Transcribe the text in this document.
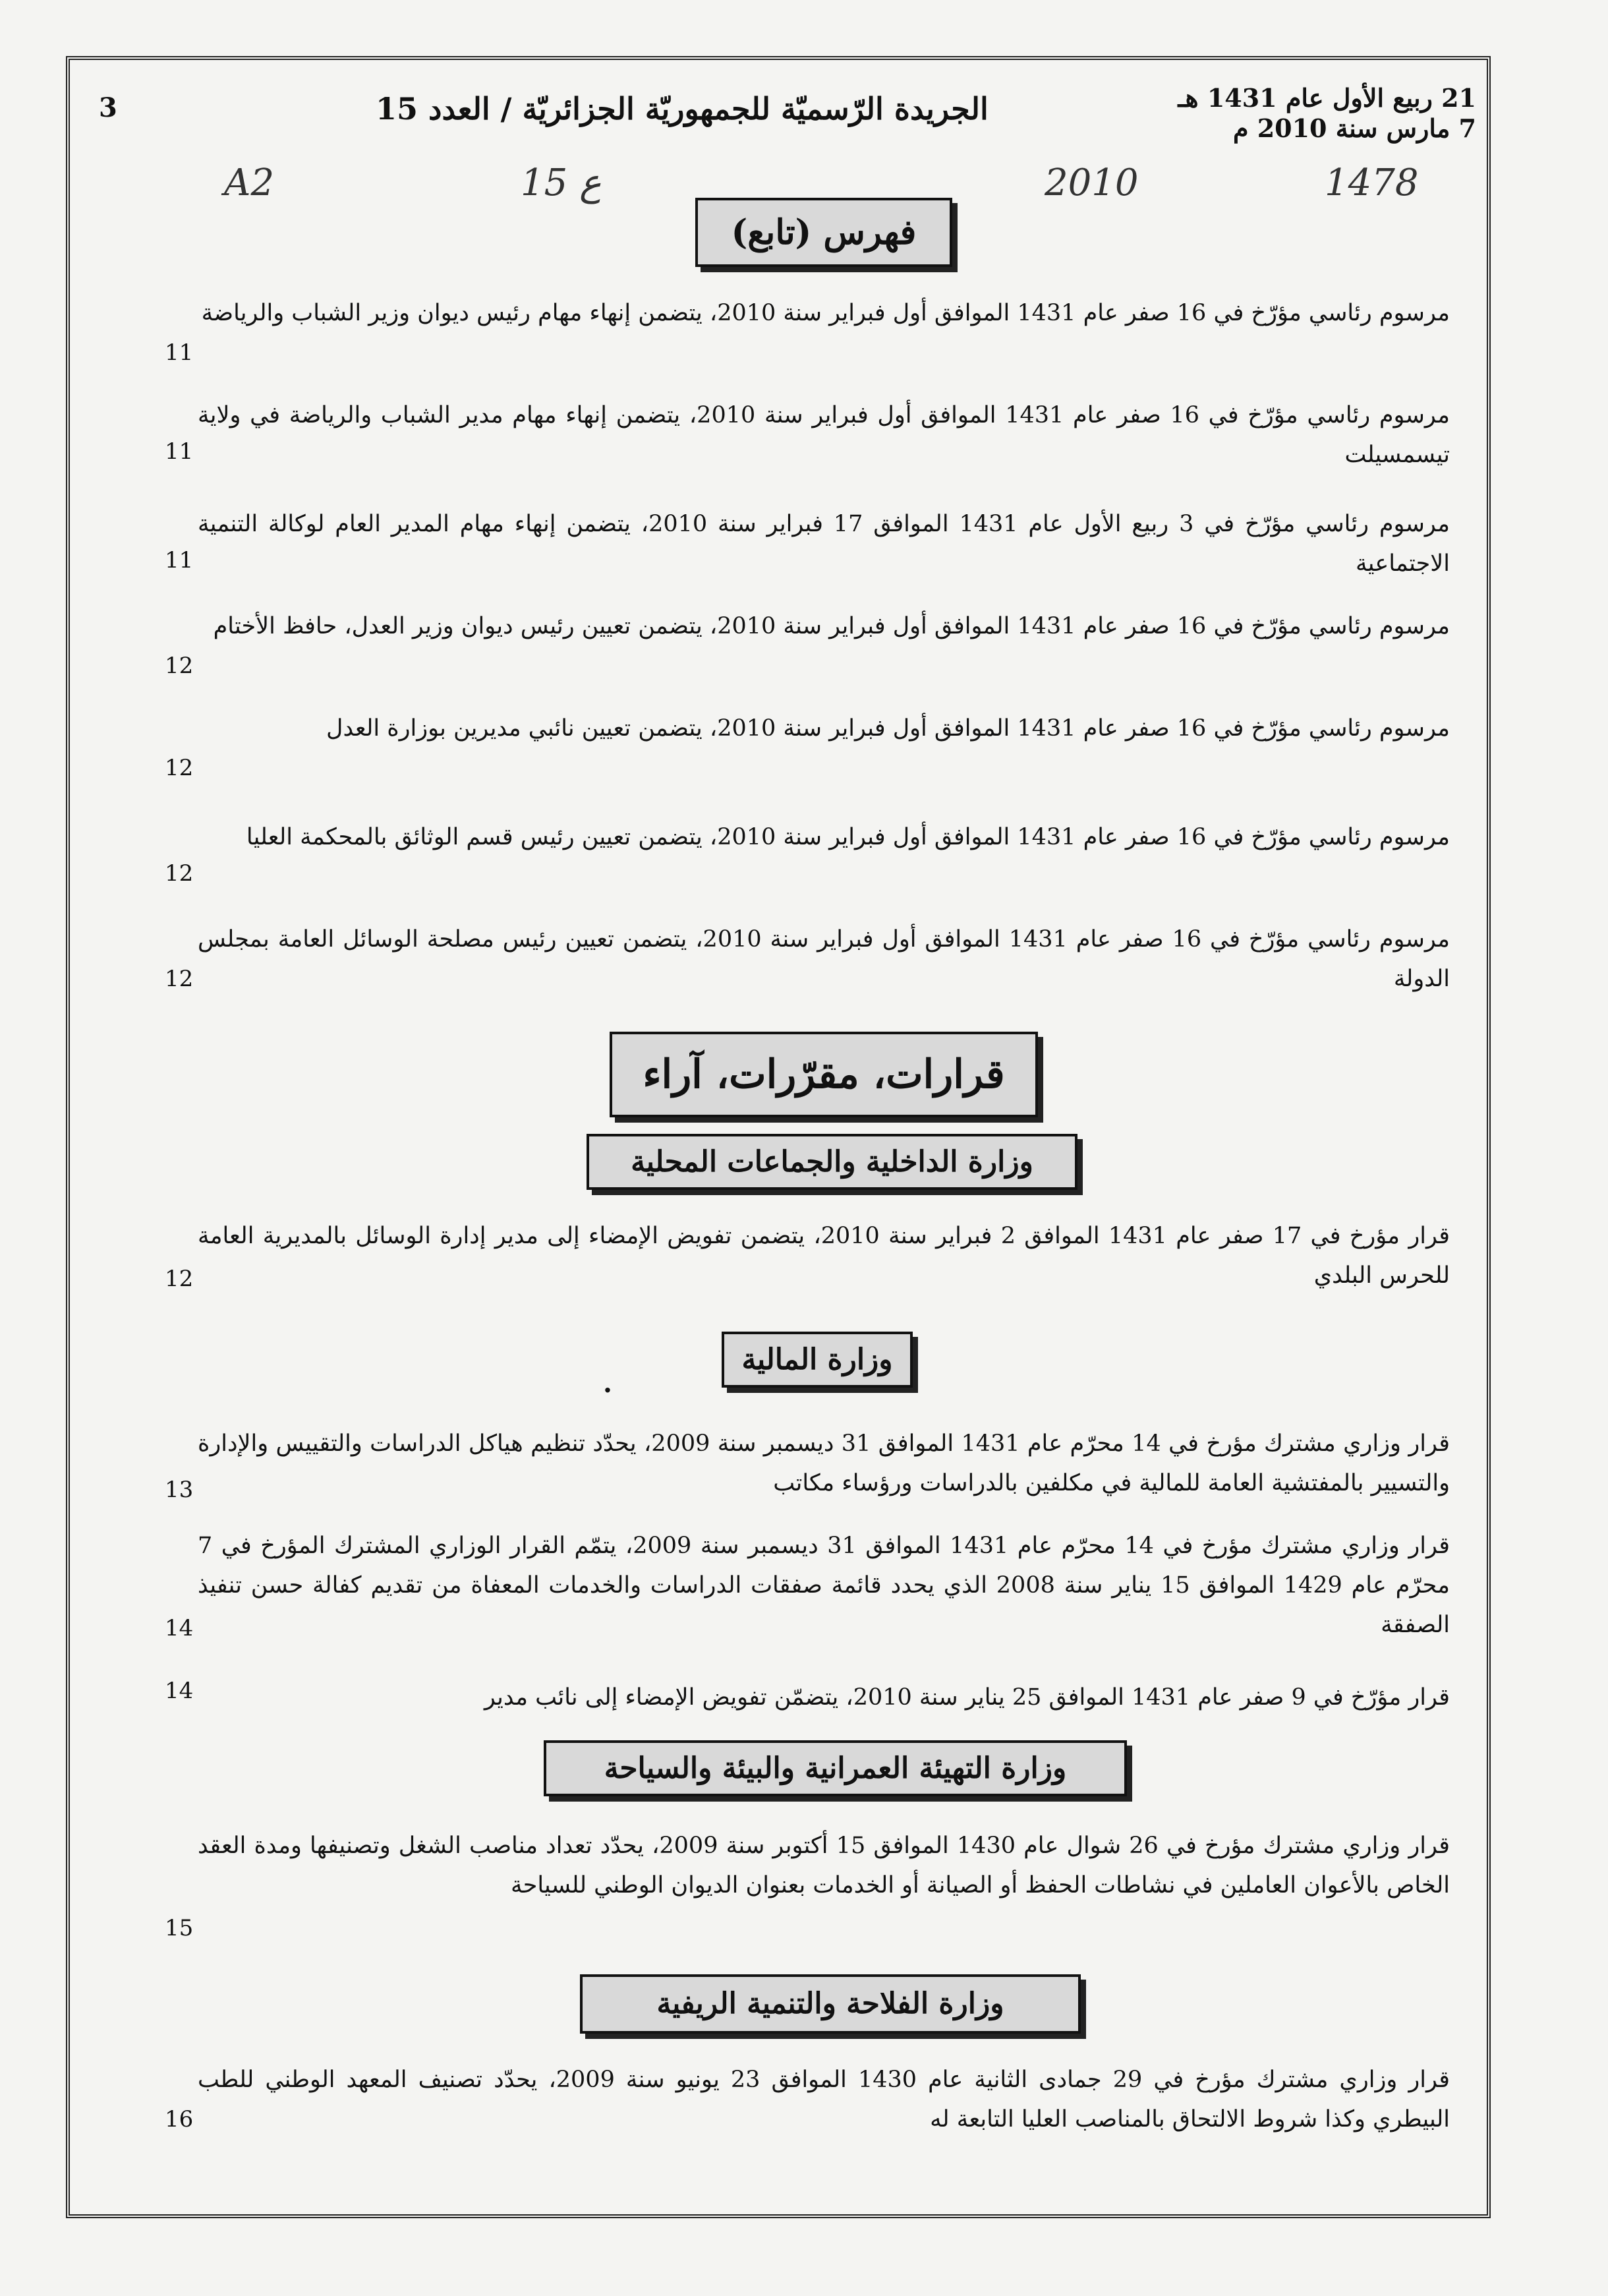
3	الجريدة الرّسميّة للجمهوريّة الجزائريّة / العدد 15	21 ربيع الأول عام 1431 هـ
7 مارس سنة 2010 م
A2	15 ع	2010	1478
فهرس (تابع)
مرسوم رئاسي مؤرّخ في 16 صفر عام 1431 الموافق أول فبراير سنة 2010، يتضمن إنهاء مهام رئيس ديوان وزير الشباب والرياضة
11
مرسوم رئاسي مؤرّخ في 16 صفر عام 1431 الموافق أول فبراير سنة 2010، يتضمن إنهاء مهام مدير الشباب والرياضة في ولاية تيسمسيلت
11
مرسوم رئاسي مؤرّخ في 3 ربيع الأول عام 1431 الموافق 17 فبراير سنة 2010، يتضمن إنهاء مهام المدير العام لوكالة التنمية الاجتماعية
11
مرسوم رئاسي مؤرّخ في 16 صفر عام 1431 الموافق أول فبراير سنة 2010، يتضمن تعيين رئيس ديوان وزير العدل، حافظ الأختام
12
مرسوم رئاسي مؤرّخ في 16 صفر عام 1431 الموافق أول فبراير سنة 2010، يتضمن تعيين نائبي مديرين بوزارة العدل
12
مرسوم رئاسي مؤرّخ في 16 صفر عام 1431 الموافق أول فبراير سنة 2010، يتضمن تعيين رئيس قسم الوثائق بالمحكمة العليا
12
مرسوم رئاسي مؤرّخ في 16 صفر عام 1431 الموافق أول فبراير سنة 2010، يتضمن تعيين رئيس مصلحة الوسائل العامة بمجلس الدولة
12
قرارات، مقرّرات، آراء
وزارة الداخلية والجماعات المحلية
قرار مؤرخ في 17 صفر عام 1431 الموافق 2 فبراير سنة 2010، يتضمن تفويض الإمضاء إلى مدير إدارة الوسائل بالمديرية العامة للحرس البلدي
12
.
وزارة المالية
قرار وزاري مشترك مؤرخ في 14 محرّم عام 1431 الموافق 31 ديسمبر سنة 2009، يحدّد تنظيم هياكل الدراسات والتقييس والإدارة والتسيير بالمفتشية العامة للمالية في مكلفين بالدراسات ورؤساء مكاتب
13
قرار وزاري مشترك مؤرخ في 14 محرّم عام 1431 الموافق 31 ديسمبر سنة 2009، يتمّم القرار الوزاري المشترك المؤرخ في 7 محرّم عام 1429 الموافق 15 يناير سنة 2008 الذي يحدد قائمة صفقات الدراسات والخدمات المعفاة من تقديم كفالة حسن تنفيذ الصفقة
14
قرار مؤرّخ في 9 صفر عام 1431 الموافق 25 يناير سنة 2010، يتضمّن تفويض الإمضاء إلى نائب مدير
14
وزارة التهيئة العمرانية والبيئة والسياحة
قرار وزاري مشترك مؤرخ في 26 شوال عام 1430 الموافق 15 أكتوبر سنة 2009، يحدّد تعداد مناصب الشغل وتصنيفها ومدة العقد الخاص بالأعوان العاملين في نشاطات الحفظ أو الصيانة أو الخدمات بعنوان الديوان الوطني للسياحة
15
وزارة الفلاحة والتنمية الريفية
قرار وزاري مشترك مؤرخ في 29 جمادى الثانية عام 1430 الموافق 23 يونيو سنة 2009، يحدّد تصنيف المعهد الوطني للطب البيطري وكذا شروط الالتحاق بالمناصب العليا التابعة له
16
